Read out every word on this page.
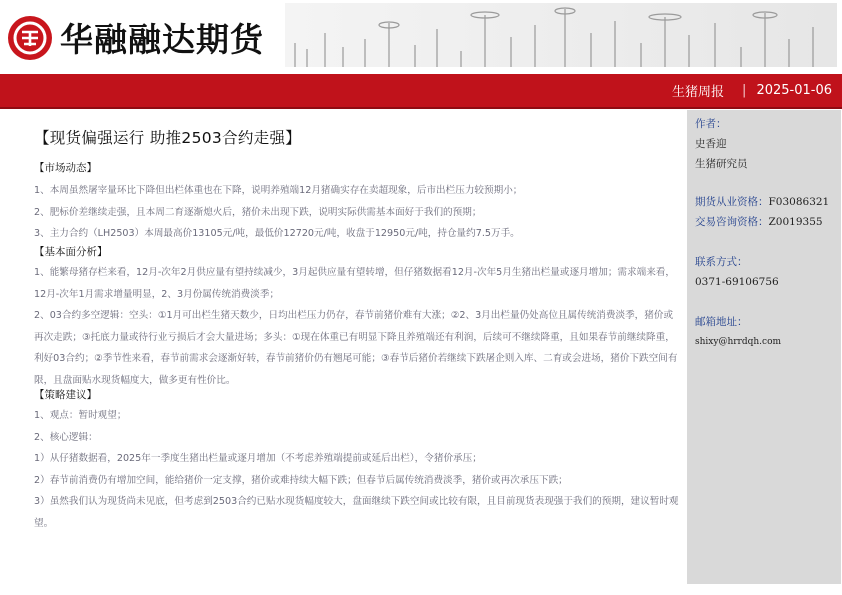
华融融达期货
生猪周报 | 2025-01-06
作者：
史香迎
生猪研究员
期货从业资格：F03086321
交易咨询资格：Z0019355
联系方式：
0371-69106756
邮箱地址：
shixy@hrrdqh.com
【现货偏强运行 助推2503合约走强】
【市场动态】
1、本周虽然屠宰量环比下降但出栏体重也在下降，说明养殖端12月猪确实存在卖超现象，后市出栏压力较预期小；
2、肥标价差继续走强，且本周二育逐渐熄火后，猪价未出现下跌，说明实际供需基本面好于我们的预期；
3、主力合约（LH2503）本周最高价13105元/吨，最低价12720元/吨，收盘于12950元/吨，持仓量约7.5万手。
【基本面分析】
1、能繁母猪存栏来看，12月-次年2月供应量有望持续减少，3月起供应量有望转增，但仔猪数据看12月-次年5月生猪出栏量或逐月增加；需求端来看，12月-次年1月需求增量明显，2、3月份属传统消费淡季；
2、03合约多空逻辑：空头：①1月可出栏生猪天数少，日均出栏压力仍存，春节前猪价难有大涨；②2、3月出栏量仍处高位且属传统消费淡季，猪价或再次走跌；③托底力量或待行业亏损后才会大量进场；多头：①现在体重已有明显下降且养殖端还有利润，后续可不继续降重，且如果春节前继续降重，利好03合约；②季节性来看，春节前需求会逐渐好转，春节前猪价仍有翘尾可能；③春节后猪价若继续下跌屠企则入库、二育或会进场，猪价下跌空间有限，且盘面贴水现货幅度大，做多更有性价比。
【策略建议】
1、观点：暂时观望；
2、核心逻辑：
1）从仔猪数据看，2025年一季度生猪出栏量或逐月增加（不考虑养殖端提前或延后出栏），令猪价承压；
2）春节前消费仍有增加空间，能给猪价一定支撑，猪价或难持续大幅下跌；但春节后属传统消费淡季，猪价或再次承压下跌；
3）虽然我们认为现货尚未见底，但考虑到2503合约已贴水现货幅度较大，盘面继续下跌空间或比较有限，且目前现货表现强于我们的预期，建议暂时观望。
